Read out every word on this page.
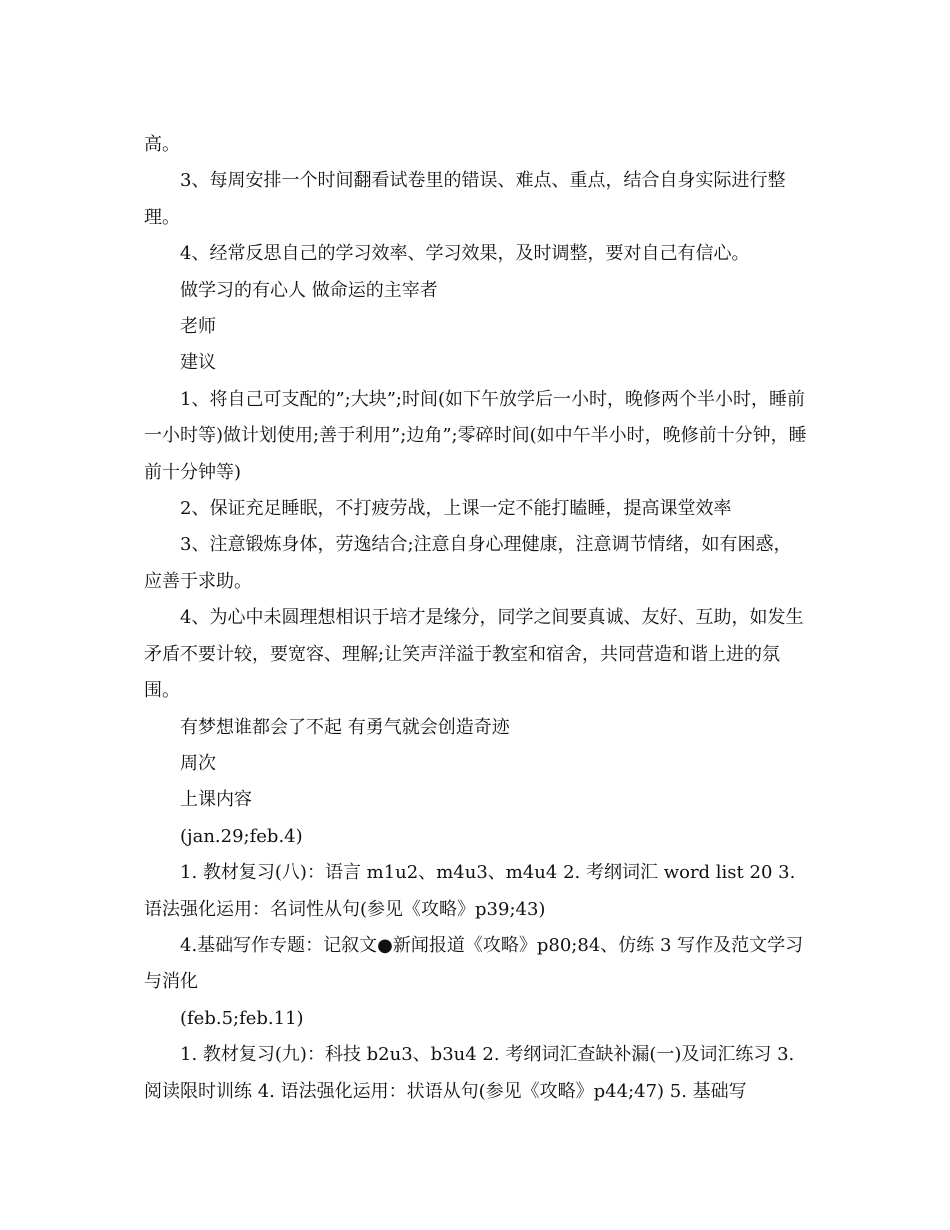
高。

3、每周安排一个时间翻看试卷里的错误、难点、重点，结合自身实际进行整理。

4、经常反思自己的学习效率、学习效果，及时调整，要对自己有信心。

做学习的有心人 做命运的主宰者

老师

建议

1、将自己可支配的”;大块”;时间(如下午放学后一小时，晚修两个半小时，睡前一小时等)做计划使用;善于利用”;边角”;零碎时间(如中午半小时，晚修前十分钟，睡前十分钟等)

2、保证充足睡眠，不打疲劳战，上课一定不能打瞌睡，提高课堂效率

3、注意锻炼身体，劳逸结合;注意自身心理健康，注意调节情绪，如有困惑，应善于求助。

4、为心中未圆理想相识于培才是缘分，同学之间要真诚、友好、互助，如发生矛盾不要计较，要宽容、理解;让笑声洋溢于教室和宿舍，共同营造和谐上进的氛围。

有梦想谁都会了不起 有勇气就会创造奇迹

周次

上课内容

(jan.29;feb.4)

1. 教材复习(八)：语言 m1u2、m4u3、m4u4 2. 考纲词汇 word list 20 3. 语法强化运用：名词性从句(参见《攻略》p39;43)

4.基础写作专题：记叙文●新闻报道《攻略》p80;84、仿练 3 写作及范文学习与消化

(feb.5;feb.11)

1. 教材复习(九)：科技 b2u3、b3u4 2. 考纲词汇查缺补漏(一)及词汇练习 3. 阅读限时训练 4. 语法强化运用：状语从句(参见《攻略》p44;47) 5. 基础写
